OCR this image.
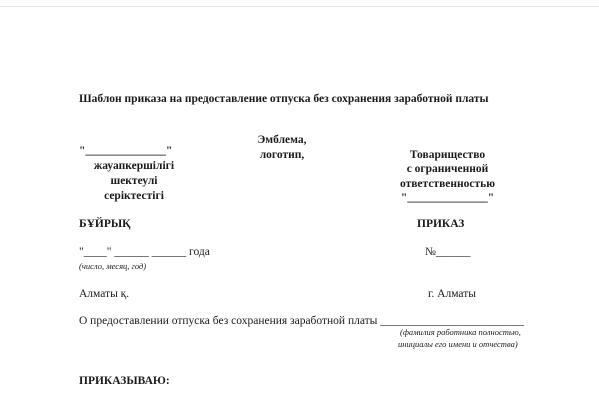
Шаблон приказа на предоставление отпуска без сохранения заработной платы
"______________"
жауапкершілігі
шектеулі
серіктестігі
Эмблема,
логотип,	Товарищество
с ограниченной
ответственностью
"______________"
БҰЙРЫҚ	ПРИКАЗ
"____" ______ ______ года
(число, месяц, год)
№______
Алматы қ.	г. Алматы
О предоставлении отпуска без сохранения заработной платы _________________________
(фамилия работника полностью,
инициалы его имени и отчества)
ПРИКАЗЫВАЮ:
